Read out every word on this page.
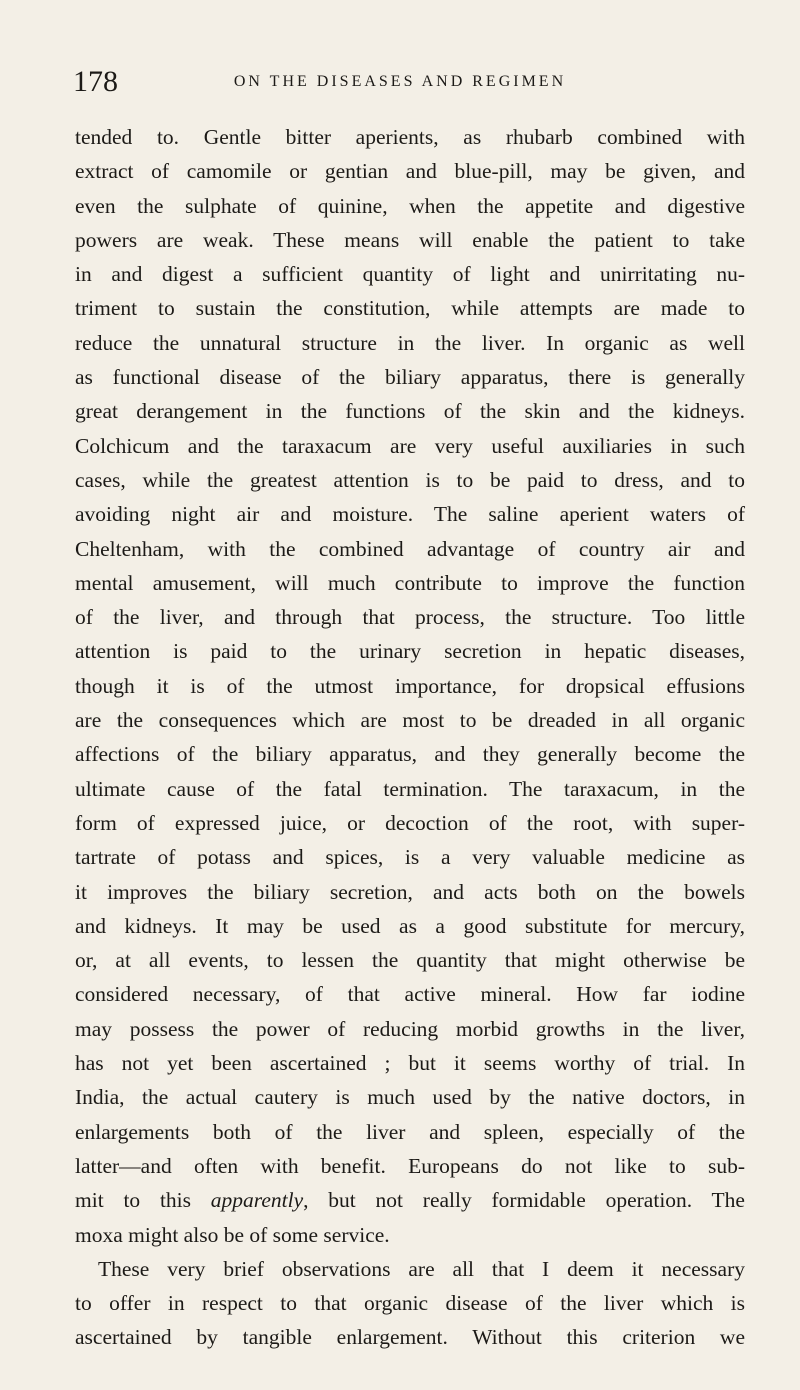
178	ON THE DISEASES AND REGIMEN
tended to. Gentle bitter aperients, as rhubarb combined with
extract of camomile or gentian and blue-pill, may be given, and
even the sulphate of quinine, when the appetite and digestive
powers are weak. These means will enable the patient to take
in and digest a sufficient quantity of light and unirritating nu-
triment to sustain the constitution, while attempts are made to
reduce the unnatural structure in the liver. In organic as well
as functional disease of the biliary apparatus, there is generally
great derangement in the functions of the skin and the kidneys.
Colchicum and the taraxacum are very useful auxiliaries in such
cases, while the greatest attention is to be paid to dress, and to
avoiding night air and moisture. The saline aperient waters of
Cheltenham, with the combined advantage of country air and
mental amusement, will much contribute to improve the function
of the liver, and through that process, the structure. Too little
attention is paid to the urinary secretion in hepatic diseases,
though it is of the utmost importance, for dropsical effusions
are the consequences which are most to be dreaded in all organic
affections of the biliary apparatus, and they generally become the
ultimate cause of the fatal termination. The taraxacum, in the
form of expressed juice, or decoction of the root, with super-
tartrate of potass and spices, is a very valuable medicine as
it improves the biliary secretion, and acts both on the bowels
and kidneys. It may be used as a good substitute for mercury,
or, at all events, to lessen the quantity that might otherwise be
considered necessary, of that active mineral. How far iodine
may possess the power of reducing morbid growths in the liver,
has not yet been ascertained ; but it seems worthy of trial. In
India, the actual cautery is much used by the native doctors, in
enlargements both of the liver and spleen, especially of the
latter—and often with benefit. Europeans do not like to sub-
mit to this apparently, but not really formidable operation. The
moxa might also be of some service.
These very brief observations are all that I deem it necessary
to offer in respect to that organic disease of the liver which is
ascertained by tangible enlargement. Without this criterion we
